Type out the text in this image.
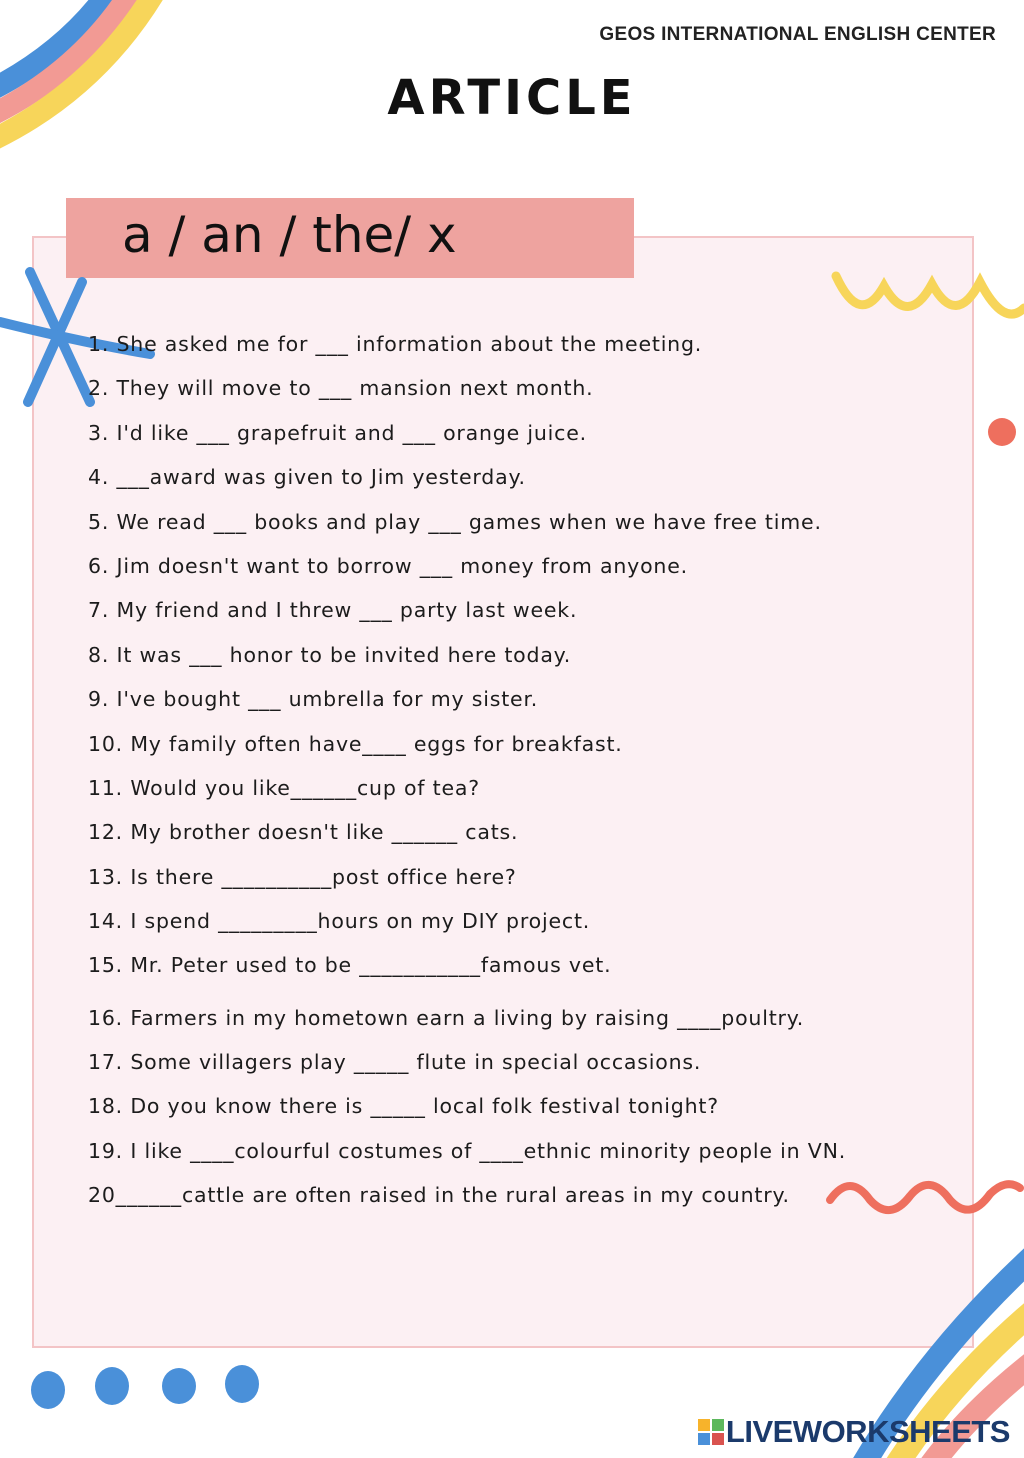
GEOS INTERNATIONAL ENGLISH CENTER
ARTICLE
a / an / the/ x
1. She asked me for ___ information about the meeting.
2. They will move to ___ mansion next month.
3. I'd like ___ grapefruit and ___ orange juice.
4. ___award was given to Jim yesterday.
5. We read ___ books and play ___ games when we have free time.
6. Jim doesn't want to borrow ___ money from anyone.
7. My friend and I threw ___ party last week.
8. It was ___ honor to be invited here today.
9. I've bought ___ umbrella for my sister.
10. My family often have____ eggs for breakfast.
11. Would you like______cup of tea?
12. My brother doesn't like ______ cats.
13. Is there __________post office here?
14. I spend _________hours on my DIY project.
15. Mr. Peter used to be ___________famous vet.
16. Farmers in my hometown earn a living by raising ____poultry.
17. Some villagers play _____ flute in special occasions.
18. Do you know there is _____ local folk festival tonight?
19. I like ____colourful costumes of ____ethnic minority people in VN.
20______cattle are often raised in the rural areas in my country.
LIVEWORKSHEETS
